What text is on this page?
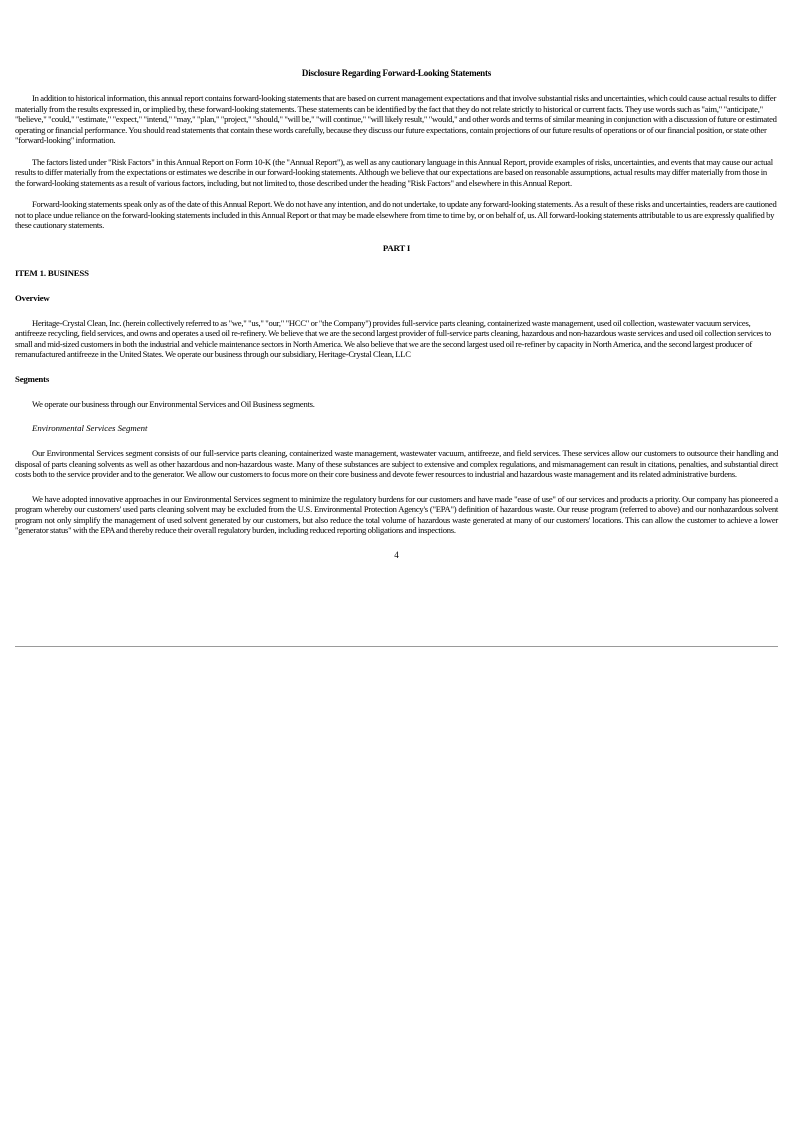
Disclosure Regarding Forward-Looking Statements

In addition to historical information, this annual report contains forward-looking statements that are based on current management expectations and that involve substantial risks and uncertainties, which could cause actual results to differ materially from the results expressed in, or implied by, these forward-looking statements. These statements can be identified by the fact that they do not relate strictly to historical or current facts. They use words such as "aim," "anticipate," "believe," "could," "estimate," "expect," "intend," "may," "plan," "project," "should," "will be," "will continue," "will likely result," "would," and other words and terms of similar meaning in conjunction with a discussion of future or estimated operating or financial performance. You should read statements that contain these words carefully, because they discuss our future expectations, contain projections of our future results of operations or of our financial position, or state other "forward-looking" information.

The factors listed under "Risk Factors" in this Annual Report on Form 10-K (the "Annual Report"), as well as any cautionary language in this Annual Report, provide examples of risks, uncertainties, and events that may cause our actual results to differ materially from the expectations or estimates we describe in our forward-looking statements. Although we believe that our expectations are based on reasonable assumptions, actual results may differ materially from those in the forward-looking statements as a result of various factors, including, but not limited to, those described under the heading "Risk Factors" and elsewhere in this Annual Report.

Forward-looking statements speak only as of the date of this Annual Report. We do not have any intention, and do not undertake, to update any forward-looking statements. As a result of these risks and uncertainties, readers are cautioned not to place undue reliance on the forward-looking statements included in this Annual Report or that may be made elsewhere from time to time by, or on behalf of, us. All forward-looking statements attributable to us are expressly qualified by these cautionary statements.

PART I

ITEM 1. BUSINESS

Overview

Heritage-Crystal Clean, Inc. (herein collectively referred to as "we," "us," "our," "HCC" or "the Company") provides full-service parts cleaning, containerized waste management, used oil collection, wastewater vacuum services, antifreeze recycling, field services, and owns and operates a used oil re-refinery. We believe that we are the second largest provider of full-service parts cleaning, hazardous and non-hazardous waste services and used oil collection services to small and mid-sized customers in both the industrial and vehicle maintenance sectors in North America. We also believe that we are the second largest used oil re-refiner by capacity in North America, and the second largest producer of remanufactured antifreeze in the United States. We operate our business through our subsidiary, Heritage-Crystal Clean, LLC

Segments

We operate our business through our Environmental Services and Oil Business segments.

Environmental Services Segment

Our Environmental Services segment consists of our full-service parts cleaning, containerized waste management, wastewater vacuum, antifreeze, and field services. These services allow our customers to outsource their handling and disposal of parts cleaning solvents as well as other hazardous and non-hazardous waste. Many of these substances are subject to extensive and complex regulations, and mismanagement can result in citations, penalties, and substantial direct costs both to the service provider and to the generator. We allow our customers to focus more on their core business and devote fewer resources to industrial and hazardous waste management and its related administrative burdens.

We have adopted innovative approaches in our Environmental Services segment to minimize the regulatory burdens for our customers and have made "ease of use" of our services and products a priority. Our company has pioneered a program whereby our customers' used parts cleaning solvent may be excluded from the U.S. Environmental Protection Agency's ("EPA") definition of hazardous waste. Our reuse program (referred to above) and our nonhazardous solvent program not only simplify the management of used solvent generated by our customers, but also reduce the total volume of hazardous waste generated at many of our customers' locations. This can allow the customer to achieve a lower "generator status" with the EPA and thereby reduce their overall regulatory burden, including reduced reporting obligations and inspections.

4
